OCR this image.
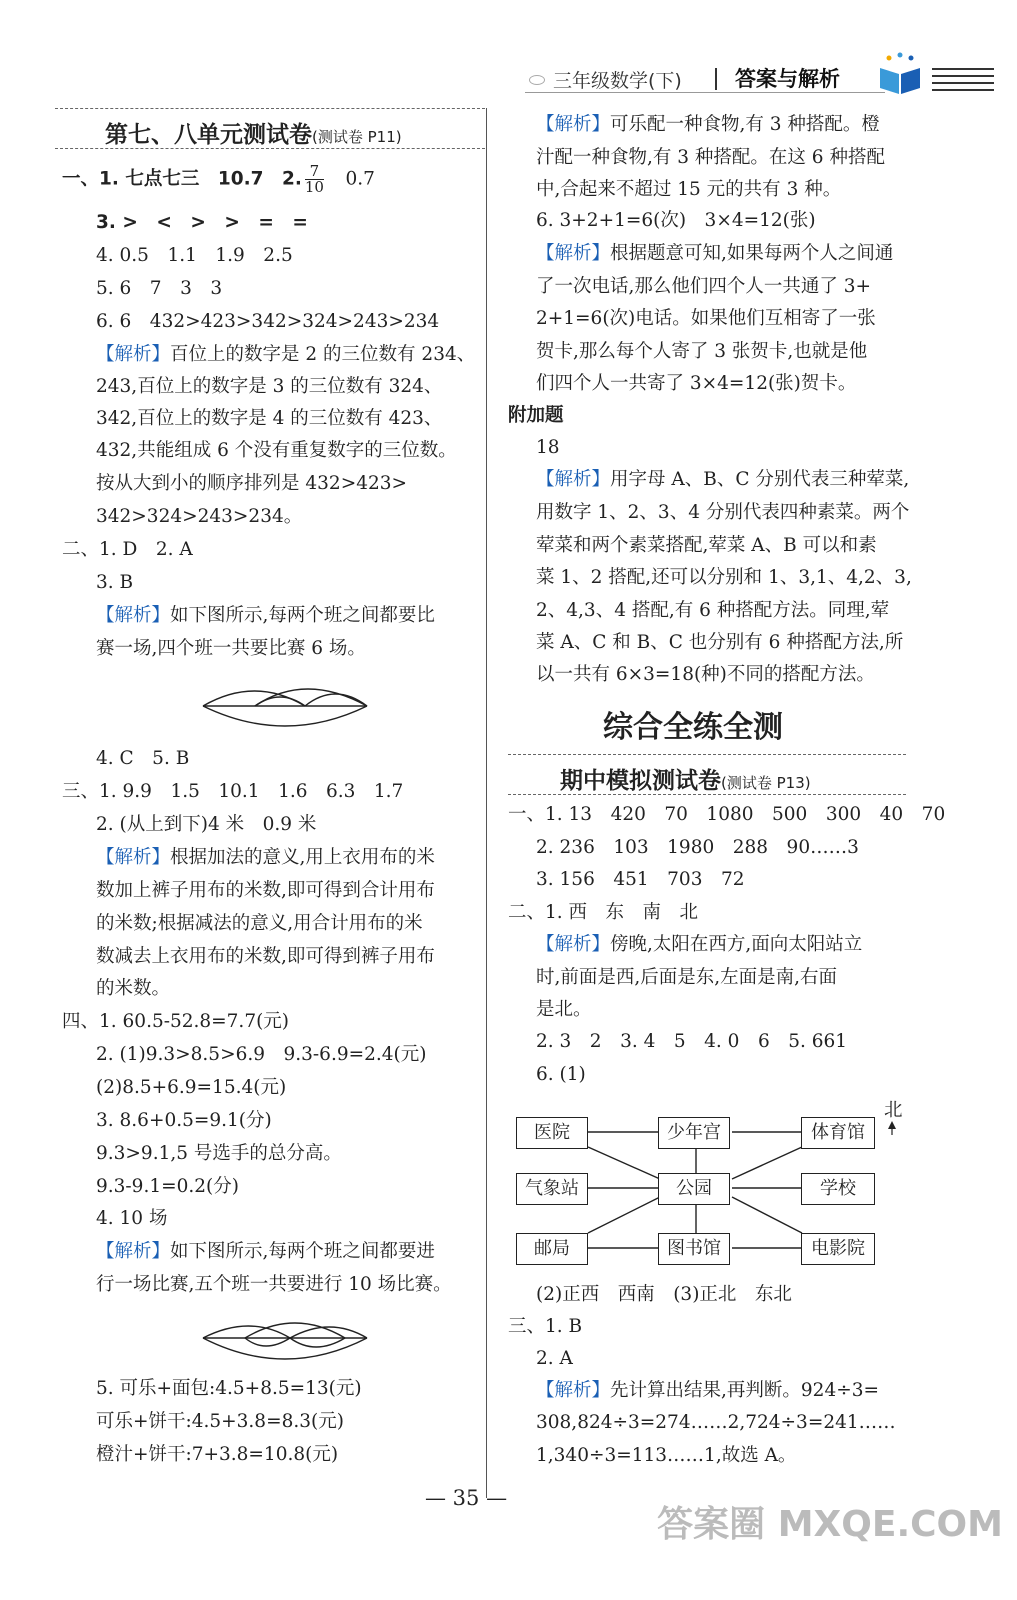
三年级数学(下)	答案与解析
第七、八单元测试卷(测试卷 P11)
一、1. 七点七三　10.7　2. $\frac{7}{10}$
　 0.7
3. >　<　>　>　=　=
4. 0.5　1.1　1.9　2.5
5. 6　7　3　3
6. 6　432>423>342>324>243>234
【解析】百位上的数字是 2 的三位数有 234、
243,百位上的数字是 3 的三位数有 324、
342,百位上的数字是 4 的三位数有 423、
432,共能组成 6 个没有重复数字的三位数。
按从大到小的顺序排列是 432>423>
342>324>243>234。
二、1. D　2. A
3. B
【解析】如下图所示,每两个班之间都要比
赛一场,四个班一共要比赛 6 场。
4. C　5. B
三、1. 9.9　1.5　10.1　1.6　6.3　1.7
2. (从上到下)4 米　0.9 米
【解析】根据加法的意义,用上衣用布的米
数加上裤子用布的米数,即可得到合计用布
的米数;根据减法的意义,用合计用布的米
数减去上衣用布的米数,即可得到裤子用布
的米数。
四、1. 60.5-52.8=7.7(元)
2. (1)9.3>8.5>6.9　9.3-6.9=2.4(元)
(2)8.5+6.9=15.4(元)
3. 8.6+0.5=9.1(分)
9.3>9.1,5 号选手的总分高。
9.3-9.1=0.2(分)
4. 10 场
【解析】如下图所示,每两个班之间都要进
行一场比赛,五个班一共要进行 10 场比赛。
5. 可乐+面包:4.5+8.5=13(元)
可乐+饼干:4.5+3.8=8.3(元)
橙汁+饼干:7+3.8=10.8(元)
【解析】可乐配一种食物,有 3 种搭配。橙
汁配一种食物,有 3 种搭配。在这 6 种搭配
中,合起来不超过 15 元的共有 3 种。
6. 3+2+1=6(次)　3×4=12(张)
【解析】根据题意可知,如果每两个人之间通
了一次电话,那么他们四个人一共通了 3+
2+1=6(次)电话。如果他们互相寄了一张
贺卡,那么每个人寄了 3 张贺卡,也就是他
们四个人一共寄了 3×4=12(张)贺卡。
附加题
18
【解析】用字母 A、B、C 分别代表三种荤菜,
用数字 1、2、3、4 分别代表四种素菜。两个
荤菜和两个素菜搭配,荤菜 A、B 可以和素
菜 1、2 搭配,还可以分别和 1、3,1、4,2、3,
2、4,3、4 搭配,有 6 种搭配方法。同理,荤
菜 A、C 和 B、C 也分别有 6 种搭配方法,所
以一共有 6×3=18(种)不同的搭配方法。
综合全练全测
期中模拟测试卷(测试卷 P13)
一、1. 13　420　70　1080　500　300　40　70
2. 236　103　1980　288　90……3
3. 156　451　703　72
二、1. 西　东　南　北
【解析】傍晚,太阳在西方,面向太阳站立
时,前面是西,后面是东,左面是南,右面
是北。
2. 3　2　3. 4　5　4. 0　6　5. 661
6. (1)
北
医院	少年宫	体育馆
气象站	公园	学校
邮局	图书馆	电影院
(2)正西　西南　(3)正北　东北
三、1. B
2. A
【解析】先计算出结果,再判断。924÷3=
308,824÷3=274……2,724÷3=241……
1,340÷3=113……1,故选 A。
— 35 —
答案圈 MXQE.COM
